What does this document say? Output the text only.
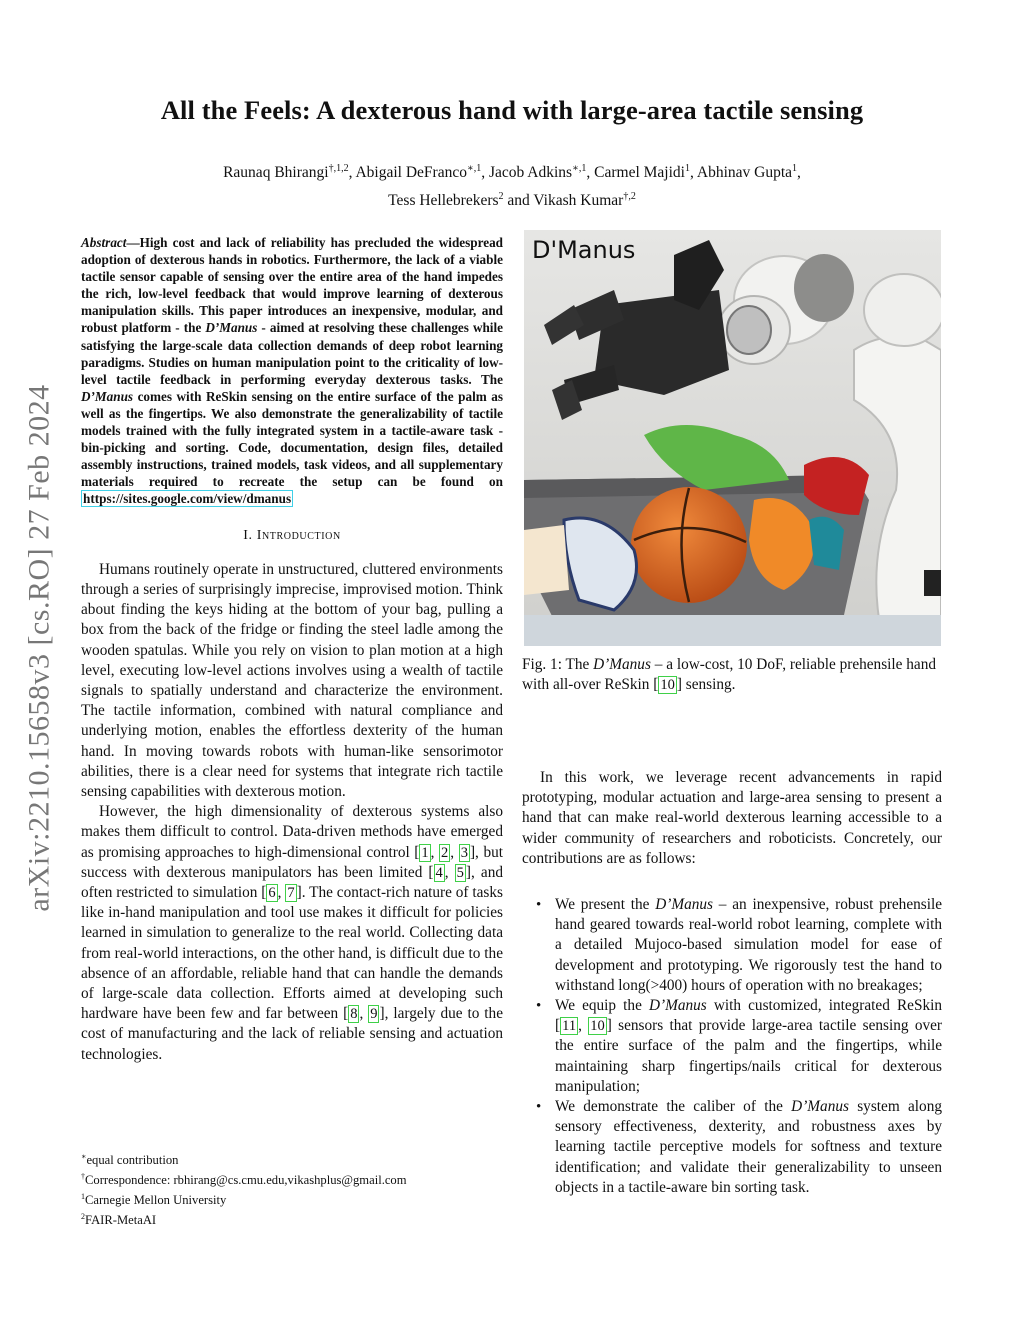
arXiv:2210.15658v3 [cs.RO] 27 Feb 2024
All the Feels: A dexterous hand with large-area tactile sensing
Raunaq Bhirangi$^{\dagger,1,2}$, Abigail DeFranco$^{∗,1}$, Jacob Adkins$^{∗,1}$, Carmel Majidi$^1$, Abhinav Gupta$^1$,
Tess Hellebrekers$^2$ and Vikash Kumar$^{\dagger,2}$
Abstract—High cost and lack of reliability has precluded the widespread adoption of dexterous hands in robotics. Furthermore, the lack of a viable tactile sensor capable of sensing over the entire area of the hand impedes the rich, low-level feedback that would improve learning of dexterous manipulation skills. This paper introduces an inexpensive, modular, and robust platform - the D’Manus - aimed at resolving these challenges while satisfying the large-scale data collection demands of deep robot learning paradigms. Studies on human manipulation point to the criticality of low-level tactile feedback in performing everyday dexterous tasks. The D’Manus comes with ReSkin sensing on the entire surface of the palm as well as the fingertips. We also demonstrate the generalizability of tactile models trained with the fully integrated system in a tactile-aware task - bin-picking and sorting. Code, documentation, design files, detailed assembly instructions, trained models, task videos, and all supplementary materials required to recreate the setup can be found on https://sites.google.com/view/dmanus
I. Introduction

Humans routinely operate in unstructured, cluttered environments through a series of surprisingly imprecise, improvised motion. Think about finding the keys hiding at the bottom of your bag, pulling a box from the back of the fridge or finding the steel ladle among the wooden spatulas. While you rely on vision to plan motion at a high level, executing low-level actions involves using a wealth of tactile signals to spatially understand and characterize the environment. The tactile information, combined with natural compliance and underlying motion, enables the effortless dexterity of the human hand. In moving towards robots with human-like sensorimotor abilities, there is a clear need for systems that integrate rich tactile sensing capabilities with dexterous motion.

However, the high dimensionality of dexterous systems also makes them difficult to control. Data-driven methods have emerged as promising approaches to high-dimensional control [ 1 , 2 , 3 ], but success with dexterous manipulators has been limited [ 4 , 5 ], and often restricted to simulation [ 6 , 7 ]. The contact-rich nature of tasks like in-hand manipulation and tool use makes it difficult for policies learned in simulation to generalize to the real world. Collecting data from real-world interactions, on the other hand, is difficult due to the absence of an affordable, reliable hand that can handle the demands of large-scale data collection. Efforts aimed at developing such hardware have been few and far between [ 8 , 9 ], largely due to the cost of manufacturing and the lack of reliable sensing and actuation technologies.

∗equal contribution
†Correspondence: rbhirang@cs.cmu.edu,vikashplus@gmail.com
$^1$Carnegie Mellon University
$^2$FAIR-MetaAI
D'Manus
Fig. 1: The D’Manus – a low-cost, 10 DoF, reliable prehensile hand with all-over ReSkin [ 10 ] sensing.

In this work, we leverage recent advancements in rapid prototyping, modular actuation and large-area sensing to present a hand that can make real-world dexterous learning accessible to a wider community of researchers and roboticists. Concretely, our contributions are as follows:

• We present the D’Manus – an inexpensive, robust prehensile hand geared towards real-world robot learning, complete with a detailed Mujoco-based simulation model for ease of development and prototyping. We rigorously test the hand to withstand long(>400) hours of operation with no breakages;
• We equip the D’Manus with customized, integrated ReSkin [ 11 , 10 ] sensors that provide large-area tactile sensing over the entire surface of the palm and the fingertips, while maintaining sharp fingertips/nails critical for dexterous manipulation;
• We demonstrate the caliber of the D’Manus system along sensory effectiveness, dexterity, and robustness axes by learning tactile perceptive models for softness and texture identification; and validate their generalizability to unseen objects in a tactile-aware bin sorting task.
